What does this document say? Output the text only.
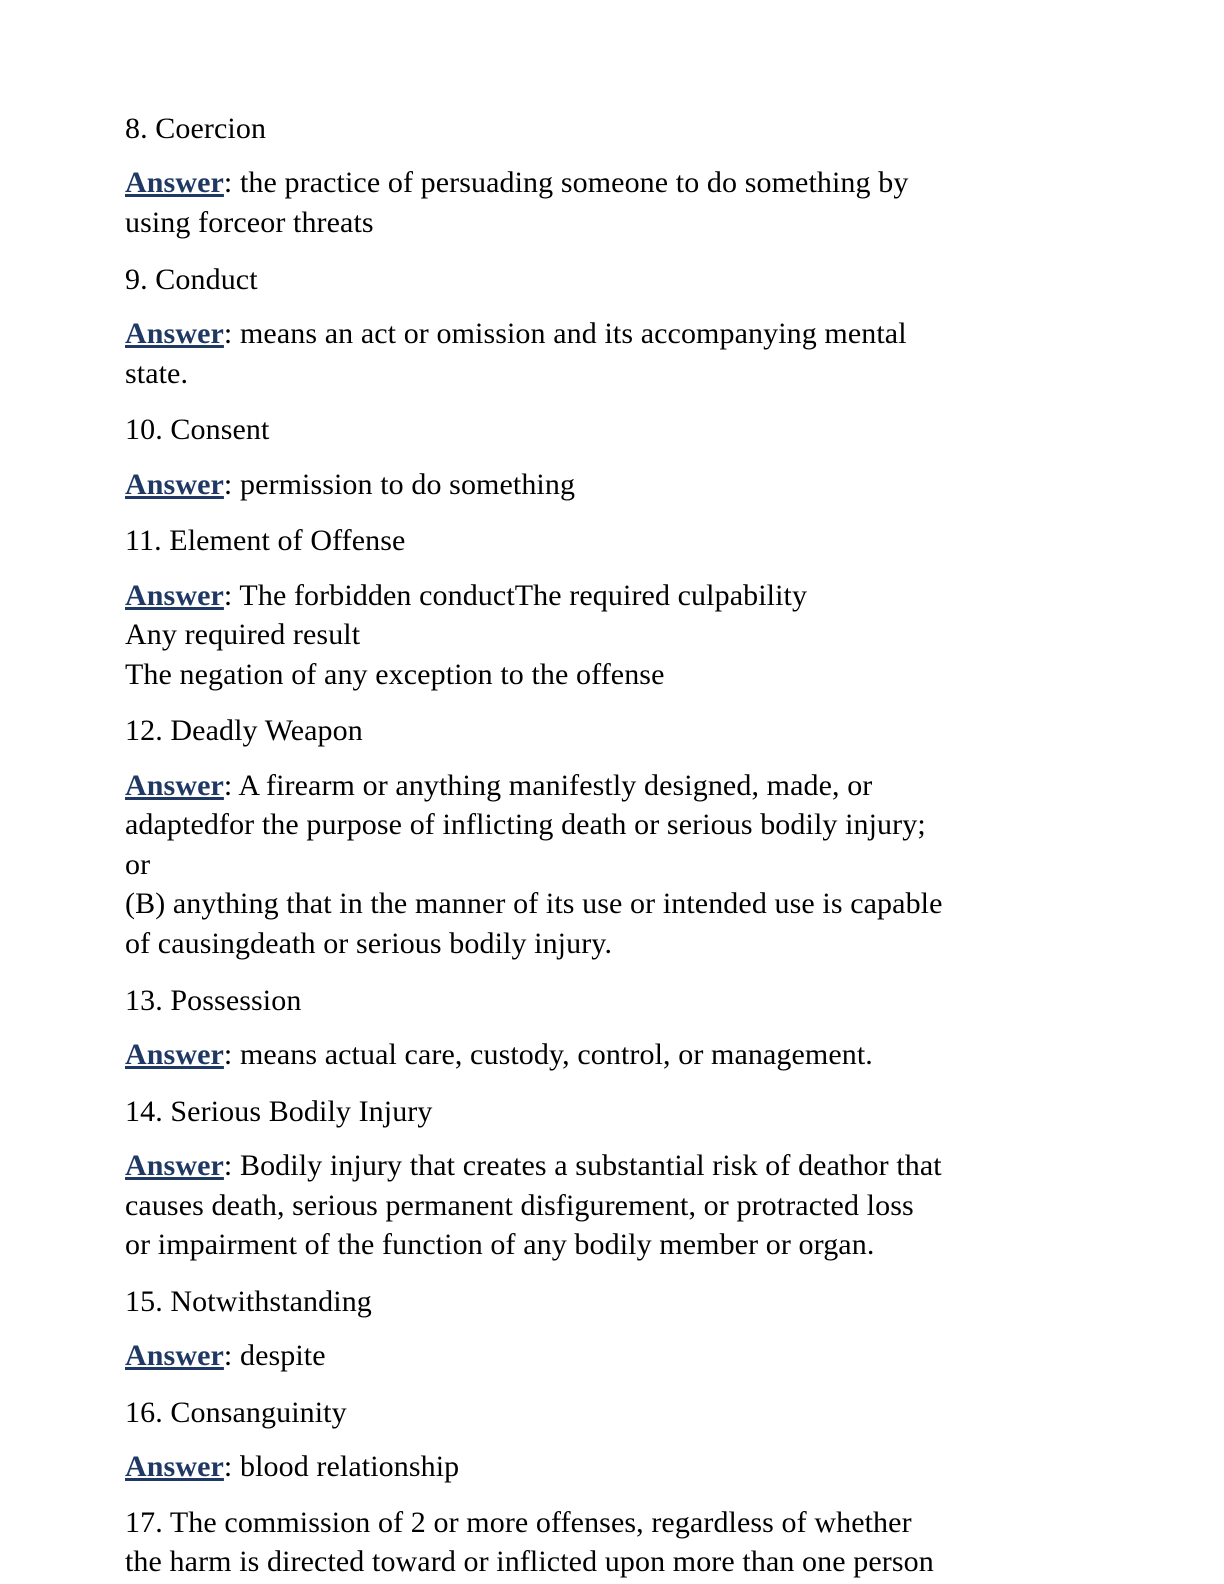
8. Coercion

Answer: the practice of persuading someone to do something by
using forceor threats

9. Conduct

Answer: means an act or omission and its accompanying mental
state.

10. Consent

Answer: permission to do something

11. Element of Offense

Answer: The forbidden conductThe required culpability
Any required result
The negation of any exception to the offense

12. Deadly Weapon

Answer: A firearm or anything manifestly designed, made, or
adaptedfor the purpose of inflicting death or serious bodily injury;
or
(B) anything that in the manner of its use or intended use is capable
of causingdeath or serious bodily injury.

13. Possession

Answer: means actual care, custody, control, or management.

14. Serious Bodily Injury

Answer: Bodily injury that creates a substantial risk of deathor that
causes death, serious permanent disfigurement, or protracted loss
or impairment of the function of any bodily member or organ.

15. Notwithstanding

Answer: despite

16. Consanguinity

Answer: blood relationship

17. The commission of 2 or more offenses, regardless of whether
the harm is directed toward or inflicted upon more than one person
